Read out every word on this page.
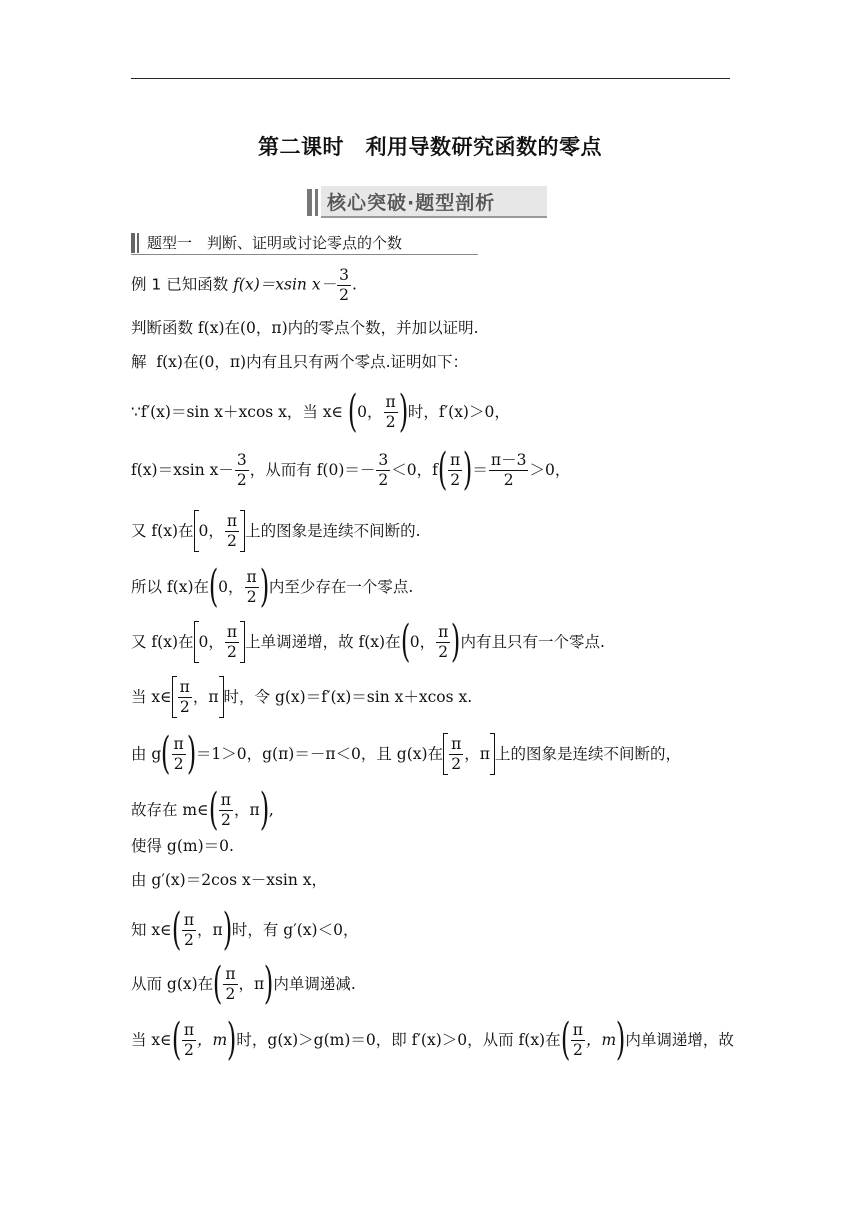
第二课时　利用导数研究函数的零点
核心突破·题型剖析
题型一　判断、证明或讨论零点的个数
例 1 已知函数 f(x)＝xsin $x- \frac{3}{2}$ .
判断函数 f(x)在(0，π)内的零点个数，并加以证明.
解 f(x)在(0，π)内有且只有两个零点.证明如下：
∵f′(x)＝sin x＋xcos x，当 x∈ (0， $\frac{\pi}{2}$ )时，f′(x)＞0，
f(x)＝xsin $x- \frac{3}{2}$ ，从而有 $f(0)=- \frac{3}{2} <0$，$f( \frac{\pi}{2}$ )＝ $\frac{\pi-3}{2} >0$，
又 f(x)在 0， $\frac{\pi}{2}$ 上的图象是连续不间断的.
所以 f(x)在(0， $\frac{\pi}{2}$ )内至少存在一个零点.
又 f(x)在 0， $\frac{\pi}{2}$ 上单调递增，故 f(x)在(0， $\frac{\pi}{2}$ )内有且只有一个零点.
当 x∈ $\frac{\pi}{2}$ ，π 时，令 g(x)＝f′(x)＝sin x＋xcos x.
由 $g( \frac{\pi}{2} )=1>0$，g(π)＝－π＜0，且 g(x)在 $\frac{\pi}{2}$ ，π 上的图象是连续不间断的，
故存在 m∈( $\frac{\pi}{2}$ ，π),
使得 g(m)＝0.
由 g′(x)＝2cos x－xsin x，
知 x∈( $\frac{\pi}{2}$ ，π)时，有 g′(x)＜0，
从而 g(x)在( $\frac{\pi}{2}$ ，π)内单调递减.
当 x∈( $\frac{\pi}{2}$ ，m)时，g(x)＞g(m)＝0，即 f′(x)＞0，从而 f(x)在( $\frac{\pi}{2}$ ，m)内单调递增，故
